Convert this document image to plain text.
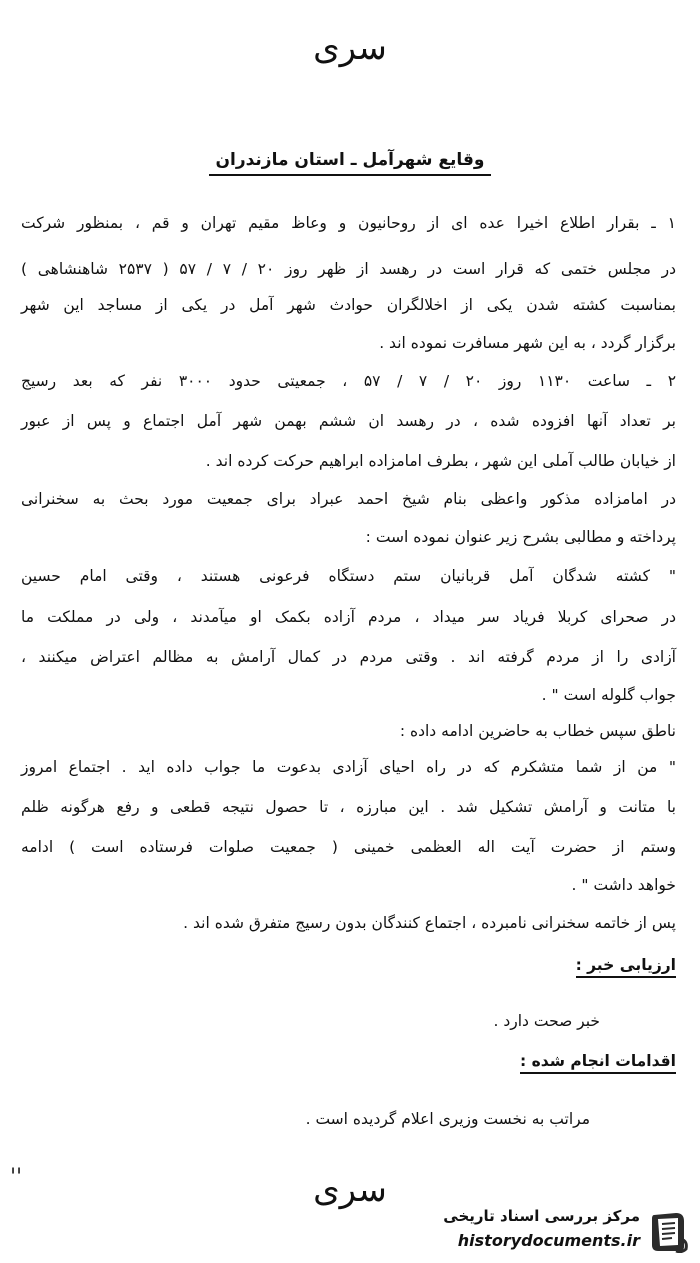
سری
وقایع شهرآمل ـ استان مازندران
۱ ـ بقرار اطلاع اخیرا عده ای از روحانیون و وعاظ مقیم تهران و قم ، بمنظور شرکت
در مجلس ختمی که قرار است در رهسد از ظهر روز ۲۰ / ۷ / ۵۷ ( ۲۵۳۷ شاهنشاهی )
بمناسبت کشته شدن یکی از اخلالگران حوادث شهر آمل در یکی از مساجد این شهر
برگزار گردد ، به این شهر مسافرت نموده اند .
۲ ـ ساعت ۱۱۳۰ روز ۲۰ / ۷ / ۵۷ ، جمعیتی حدود ۳۰۰۰ نفر که بعد رسیج
بر تعداد آنها افزوده شده ، در رهسد ان ششم بهمن شهر آمل اجتماع و پس از عبور
از خیابان طالب آملی این شهر ، بطرف امامزاده ابراهیم حرکت کرده اند .
در امامزاده مذکور واعظی بنام شیخ احمد عبراد برای جمعیت مورد بحث به سخنرانی
پرداخته و مطالبی بشرح زیر عنوان نموده است :
" کشته شدگان آمل قربانیان ستم دستگاه فرعونی هستند ، وقتی امام حسین
در صحرای کربلا فریاد سر میداد ، مردم آزاده بکمک او میآمدند ، ولی در مملکت ما
آزادی را از مردم گرفته اند . وقتی مردم در کمال آرامش به مظالم اعتراض میکنند ،
جواب گلوله است " .
ناطق سپس خطاب به حاضرین ادامه داده :
" من از شما متشکرم که در راه احیای آزادی بدعوت ما جواب داده اید . اجتماع امروز
با متانت و آرامش تشکیل شد . این مبارزه ، تا حصول نتیجه قطعی و رفع هرگونه ظلم
وستم از حضرت آیت اله العظمی خمینی ( جمعیت صلوات فرستاده است ) ادامه
خواهد داشت " .
پس از خاتمه سخنرانی نامبرده ، اجتماع کنندگان بدون رسیج متفرق شده اند .
ارزیابی خبر :
خبر صحت دارد .
اقدامات انجام شده :
مراتب به نخست وزیری اعلام گردیده است .
سری
ꞌꞌ
مرکز بررسی اسناد تاریخی
historydocuments.ir
